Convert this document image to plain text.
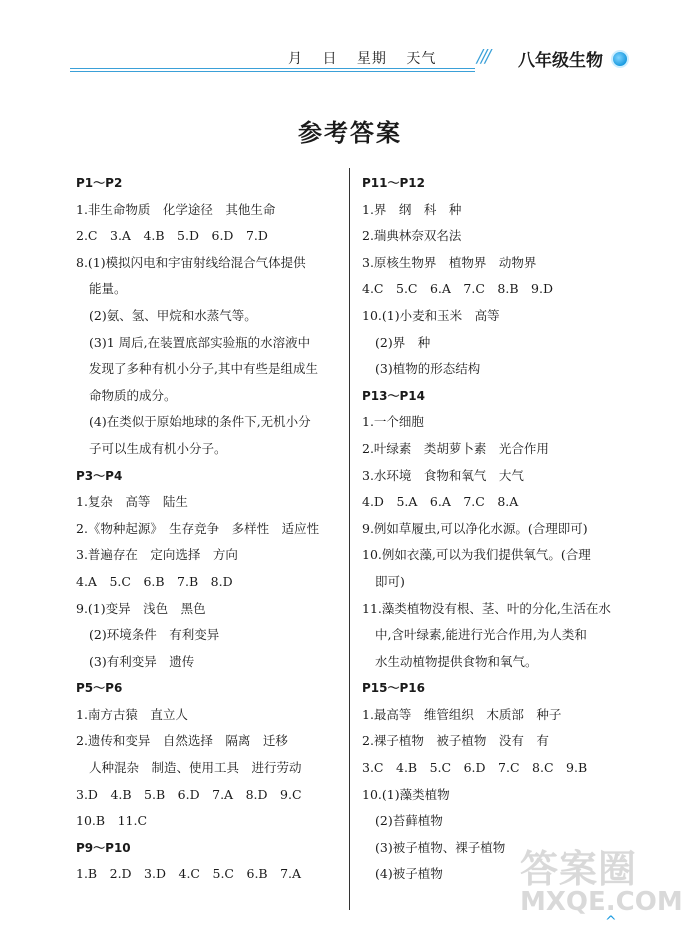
月 日 星期 天气	/// 八年级生物
参考答案
P1～P2
1.非生命物质　化学途径　其他生命
2.C　3.A　4.B　5.D　6.D　7.D
8.(1)模拟闪电和宇宙射线给混合气体提供
能量。
(2)氨、氢、甲烷和水蒸气等。
(3)1 周后,在装置底部实验瓶的水溶液中
发现了多种有机小分子,其中有些是组成生
命物质的成分。
(4)在类似于原始地球的条件下,无机小分
子可以生成有机小分子。
P3～P4
1.复杂　高等　陆生
2.《物种起源》　生存竞争　多样性　适应性
3.普遍存在　定向选择　方向
4.A　5.C　6.B　7.B　8.D
9.(1)变异　浅色　黑色
(2)环境条件　有利变异
(3)有利变异　遗传
P5～P6
1.南方古猿　直立人
2.遗传和变异　自然选择　隔离　迁移
人种混杂　制造、使用工具　进行劳动
3.D　4.B　5.B　6.D　7.A　8.D　9.C
10.B　11.C
P9～P10
1.B　2.D　3.D　4.C　5.C　6.B　7.A
P11～P12
1.界　纲　科　种
2.瑞典林奈双名法
3.原核生物界　植物界　动物界
4.C　5.C　6.A　7.C　8.B　9.D
10.(1)小麦和玉米　高等
(2)界　种
(3)植物的形态结构
P13～P14
1.一个细胞
2.叶绿素　类胡萝卜素　光合作用
3.水环境　食物和氧气　大气
4.D　5.A　6.A　7.C　8.A
9.例如草履虫,可以净化水源。(合理即可)
10.例如衣藻,可以为我们提供氧气。(合理
即可)
11.藻类植物没有根、茎、叶的分化,生活在水
中,含叶绿素,能进行光合作用,为人类和
水生动植物提供食物和氧气。
P15～P16
1.最高等　维管组织　木质部　种子
2.裸子植物　被子植物　没有　有
3.C　4.B　5.C　6.D　7.C　8.C　9.B
10.(1)藻类植物
(2)苔藓植物
(3)被子植物、裸子植物
(4)被子植物	答案圈
MXQE.COM
^
